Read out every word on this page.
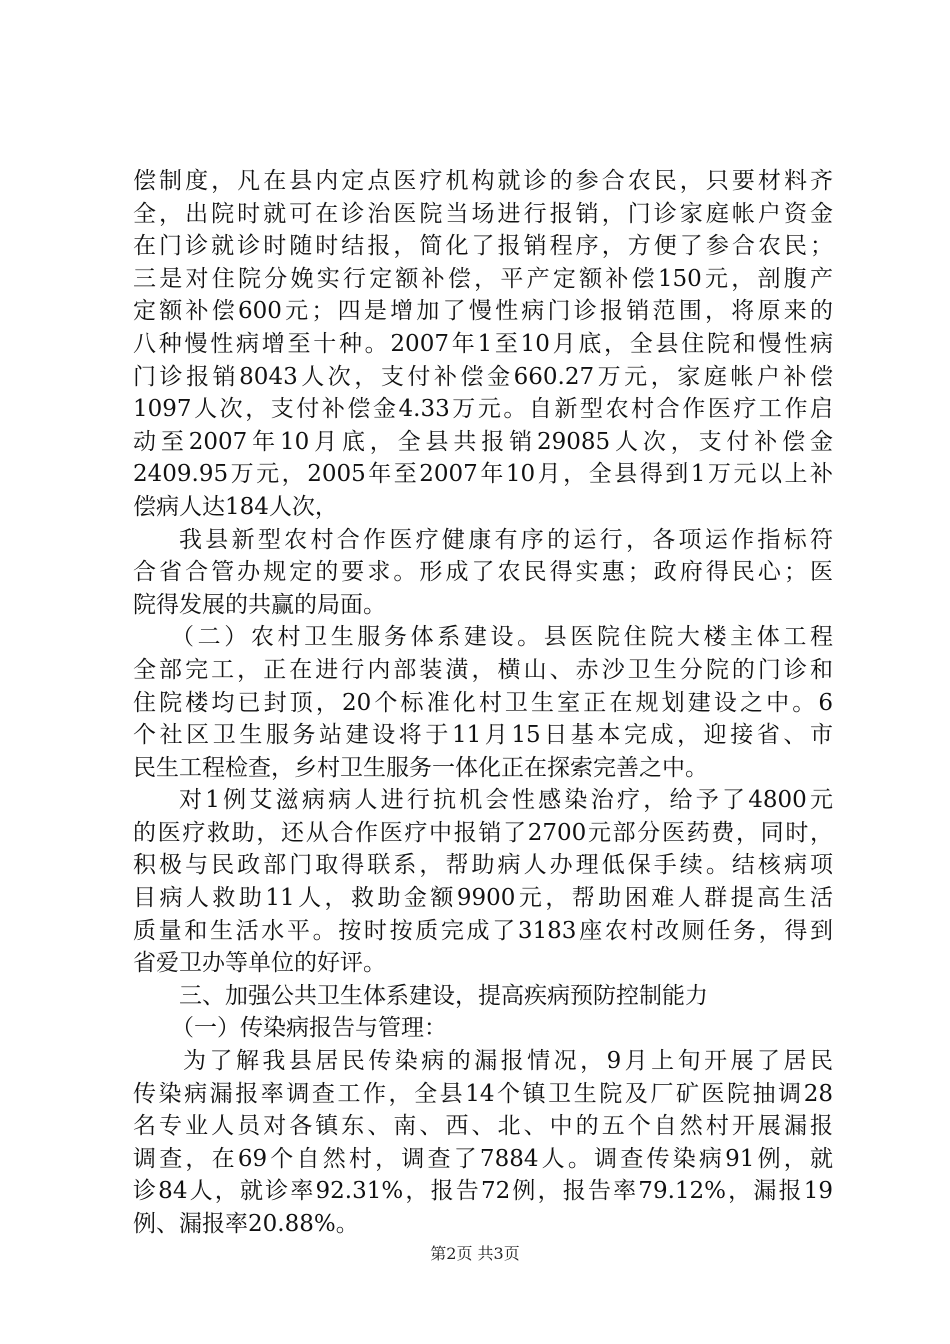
偿制度，凡在县内定点医疗机构就诊的参合农民，只要材料齐
全，出院时就可在诊治医院当场进行报销，门诊家庭帐户资金
在门诊就诊时随时结报，简化了报销程序，方便了参合农民；
三是对住院分娩实行定额补偿，平产定额补偿150元，剖腹产
定额补偿600元；四是增加了慢性病门诊报销范围，将原来的
八种慢性病增至十种。2007年1至10月底，全县住院和慢性病
门诊报销8043人次，支付补偿金660.27万元，家庭帐户补偿
1097人次，支付补偿金4.33万元。自新型农村合作医疗工作启
动至2007年10月底，全县共报销29085人次，支付补偿金
2409.95万元，2005年至2007年10月，全县得到1万元以上补
偿病人达184人次，
我县新型农村合作医疗健康有序的运行，各项运作指标符
合省合管办规定的要求。形成了农民得实惠；政府得民心；医
院得发展的共赢的局面。
（二）农村卫生服务体系建设。县医院住院大楼主体工程
全部完工，正在进行内部装潢，横山、赤沙卫生分院的门诊和
住院楼均已封顶，20个标准化村卫生室正在规划建设之中。6
个社区卫生服务站建设将于11月15日基本完成，迎接省、市
民生工程检查，乡村卫生服务一体化正在探索完善之中。
对1例艾滋病病人进行抗机会性感染治疗，给予了4800元
的医疗救助，还从合作医疗中报销了2700元部分医药费，同时，
积极与民政部门取得联系，帮助病人办理低保手续。结核病项
目病人救助11人，救助金额9900元，帮助困难人群提高生活
质量和生活水平。按时按质完成了3183座农村改厕任务，得到
省爱卫办等单位的好评。
三、加强公共卫生体系建设，提高疾病预防控制能力
（一）传染病报告与管理：
为了解我县居民传染病的漏报情况，9月上旬开展了居民
传染病漏报率调查工作，全县14个镇卫生院及厂矿医院抽调28
名专业人员对各镇东、南、西、北、中的五个自然村开展漏报
调查，在69个自然村，调查了7884人。调查传染病91例，就
诊84人，就诊率92.31%，报告72例，报告率79.12%，漏报19
例、漏报率20.88%。
第2页 共3页
